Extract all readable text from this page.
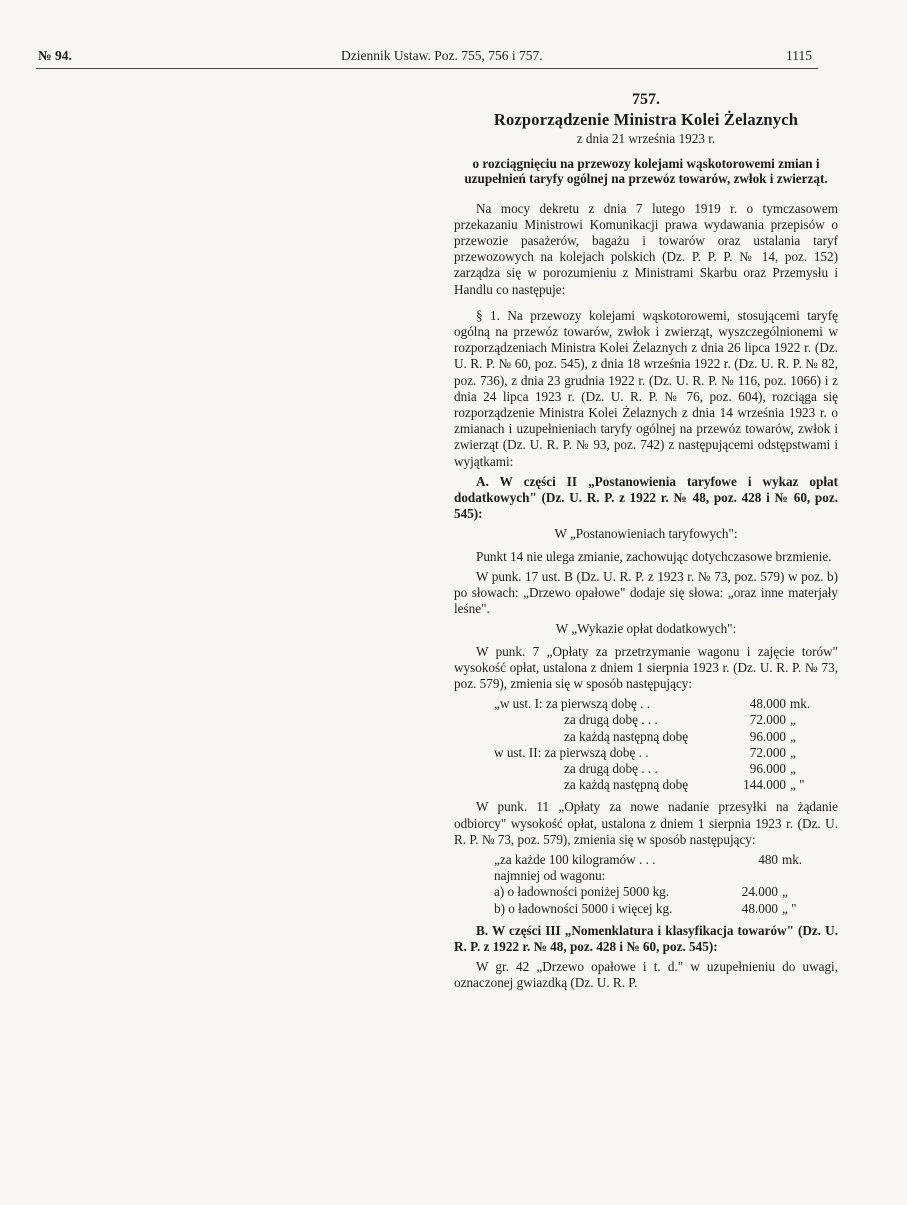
№ 94.	Dziennik Ustaw. Poz. 755, 756 i 757.	1115
757.
Rozporządzenie Ministra Kolei Żelaznych
z dnia 21 września 1923 r.
o rozciągnięciu na przewozy kolejami wąskotorowemi zmian i uzupełnień taryfy ogólnej na przewóz towarów, zwłok i zwierząt.

Na mocy dekretu z dnia 7 lutego 1919 r. o tymczasowem przekazaniu Ministrowi Komunikacji prawa wydawania przepisów o przewozie pasażerów, bagażu i towarów oraz ustalania taryf przewozowych na kolejach polskich (Dz. P. P. P. № 14, poz. 152) zarządza się w porozumieniu z Ministrami Skarbu oraz Przemysłu i Handlu co następuje:

§ 1. Na przewozy kolejami wąskotorowemi, stosującemi taryfę ogólną na przewóz towarów, zwłok i zwierząt, wyszczególnionemi w rozporządzeniach Ministra Kolei Żelaznych z dnia 26 lipca 1922 r. (Dz. U. R. P. № 60, poz. 545), z dnia 18 września 1922 r. (Dz. U. R. P. № 82, poz. 736), z dnia 23 grudnia 1922 r. (Dz. U. R. P. № 116, poz. 1066) i z dnia 24 lipca 1923 r. (Dz. U. R. P. № 76, poz. 604), rozciąga się rozporządzenie Ministra Kolei Żelaznych z dnia 14 września 1923 r. o zmianach i uzupełnieniach taryfy ogólnej na przewóz towarów, zwłok i zwierząt (Dz. U. R. P. № 93, poz. 742) z następującemi odstępstwami i wyjątkami:

A. W części II „Postanowienia taryfowe i wykaz opłat dodatkowych" (Dz. U. R. P. z 1922 r. № 48, poz. 428 i № 60, poz. 545):

W „Postanowieniach taryfowych":

Punkt 14 nie ulega zmianie, zachowując dotychczasowe brzmienie.

W punk. 17 ust. B (Dz. U. R. P. z 1923 r. № 73, poz. 579) w poz. b) po słowach: „Drzewo opałowe" dodaje się słowa: „oraz inne materjały leśne".

W „Wykazie opłat dodatkowych":

W punk. 7 „Opłaty za przetrzymanie wagonu i zajęcie torów" wysokość opłat, ustalona z dniem 1 sierpnia 1923 r. (Dz. U. R. P. № 73, poz. 579), zmienia się w sposób następujący:

„w ust. I: za pierwszą dobę . .	48.000 mk.
za drugą dobę . . .	72.000 „
za każdą następną dobę	96.000 „
w ust. II: za pierwszą dobę . .	72.000 „
za drugą dobę . . .	96.000 „
za każdą następną dobę	144.000 „ "

W punk. 11 „Opłaty za nowe nadanie przesyłki na żądanie odbiorcy" wysokość opłat, ustalona z dniem 1 sierpnia 1923 r. (Dz. U. R. P. № 73, poz. 579), zmienia się w sposób następujący:

„za każde 100 kilogramów . . .	480 mk.
najmniej od wagonu:
a) o ładowności poniżej 5000 kg.	24.000 „
b) o ładowności 5000 i więcej kg.	48.000 „ "

B. W części III „Nomenklatura i klasyfikacja towarów" (Dz. U. R. P. z 1922 r. № 48, poz. 428 i № 60, poz. 545):

W gr. 42 „Drzewo opałowe i t. d." w uzupełnieniu do uwagi, oznaczonej gwiazdką (Dz. U. R. P.
